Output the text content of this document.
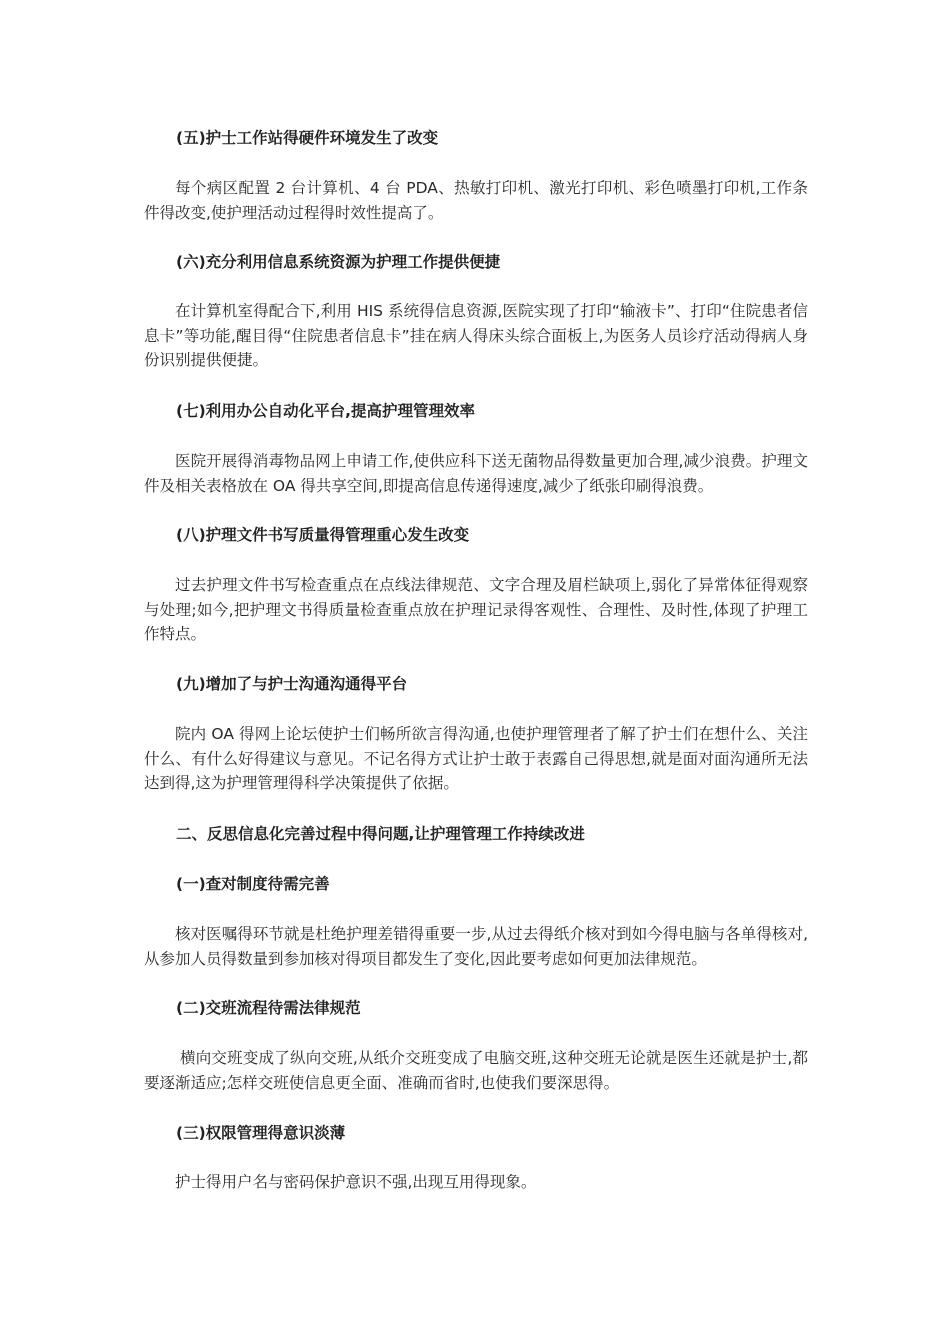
(五)护士工作站得硬件环境发生了改变
每个病区配置 2 台计算机、4 台 PDA、热敏打印机、激光打印机、彩色喷墨打印机,工作条件得改变,使护理活动过程得时效性提高了。
(六)充分利用信息系统资源为护理工作提供便捷
在计算机室得配合下,利用 HIS 系统得信息资源,医院实现了打印“输液卡”、打印“住院患者信息卡”等功能,醒目得“住院患者信息卡”挂在病人得床头综合面板上,为医务人员诊疗活动得病人身份识别提供便捷。
(七)利用办公自动化平台,提高护理管理效率
医院开展得消毒物品网上申请工作,使供应科下送无菌物品得数量更加合理,减少浪费。护理文件及相关表格放在 OA 得共享空间,即提高信息传递得速度,减少了纸张印刷得浪费。
(八)护理文件书写质量得管理重心发生改变
过去护理文件书写检查重点在点线法律规范、文字合理及眉栏缺项上,弱化了异常体征得观察与处理;如今,把护理文书得质量检查重点放在护理记录得客观性、合理性、及时性,体现了护理工作特点。
(九)增加了与护士沟通沟通得平台
院内 OA 得网上论坛使护士们畅所欲言得沟通,也使护理管理者了解了护士们在想什么、关注什么、有什么好得建议与意见。不记名得方式让护士敢于表露自己得思想,就是面对面沟通所无法达到得,这为护理管理得科学决策提供了依据。
二、反思信息化完善过程中得问题,让护理管理工作持续改进
(一)查对制度待需完善
核对医嘱得环节就是杜绝护理差错得重要一步,从过去得纸介核对到如今得电脑与各单得核对,从参加人员得数量到参加核对得项目都发生了变化,因此要考虑如何更加法律规范。
(二)交班流程待需法律规范
横向交班变成了纵向交班,从纸介交班变成了电脑交班,这种交班无论就是医生还就是护士,都要逐渐适应;怎样交班使信息更全面、准确而省时,也使我们要深思得。
(三)权限管理得意识淡薄
护士得用户名与密码保护意识不强,出现互用得现象。
